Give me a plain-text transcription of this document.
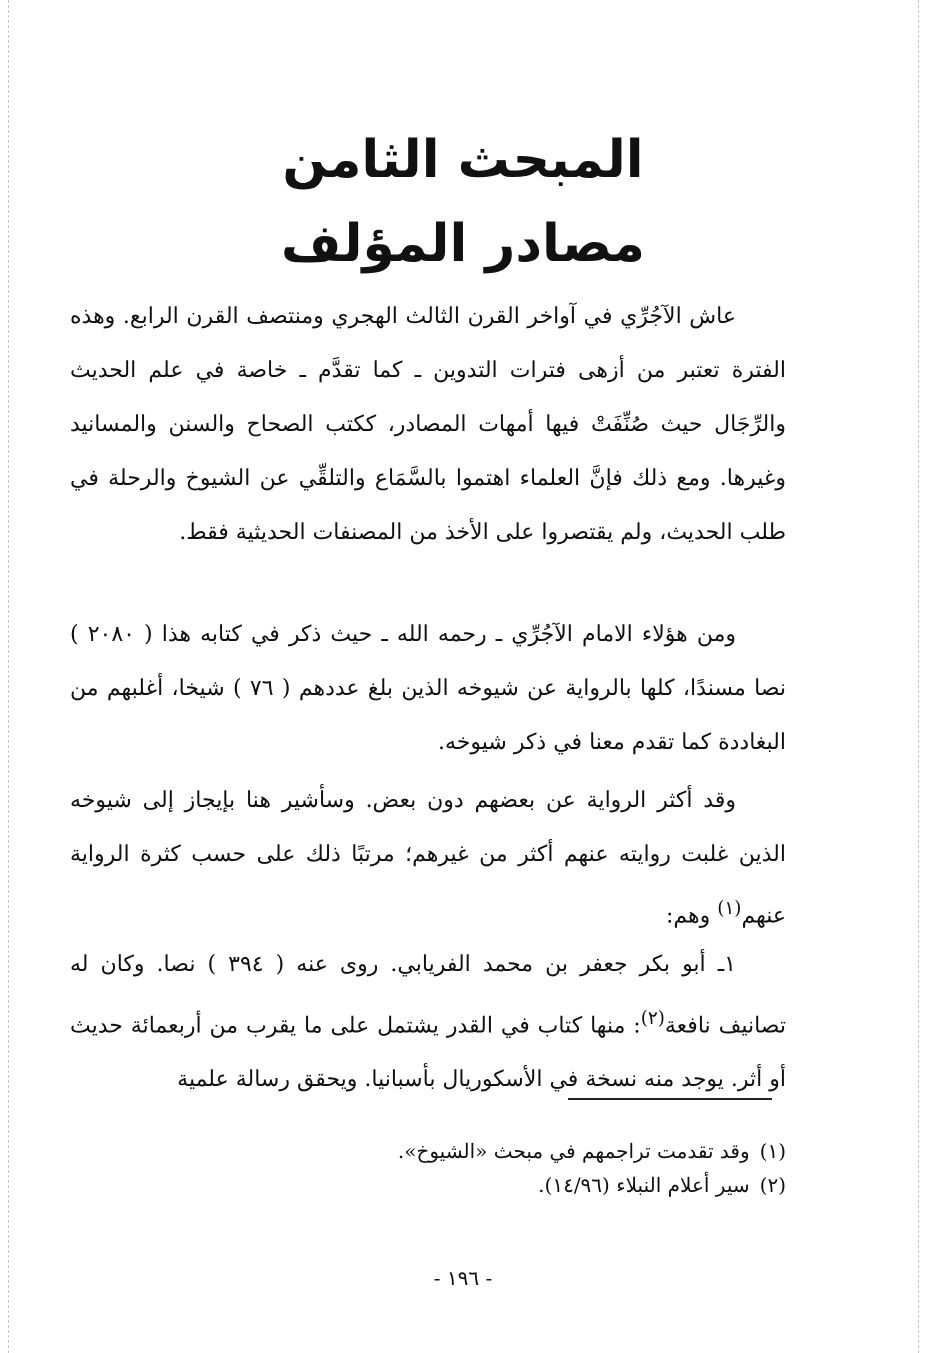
المبحث الثامن
مصادر المؤلف

عاش الآجُرِّي في آواخر القرن الثالث الهجري ومنتصف القرن الرابع. وهذه الفترة تعتبر من أزهى فترات التدوين ـ كما تقدَّم ـ خاصة في علم الحديث والرِّجَال حيث صُنِّفَتْ فيها أمهات المصادر، ككتب الصحاح والسنن والمسانيد وغيرها. ومع ذلك فإنَّ العلماء اهتموا بالسَّمَاع والتلقِّي عن الشيوخ والرحلة في طلب الحديث، ولم يقتصروا على الأخذ من المصنفات الحديثية فقط.

ومن هؤلاء الامام الآجُرِّي ـ رحمه الله ـ حيث ذكر في كتابه هذا ( ٢٠٨٠ ) نصا مسندًا، كلها بالرواية عن شيوخه الذين بلغ عددهم ( ٧٦ ) شيخا، أغلبهم من البغاددة كما تقدم معنا في ذكر شيوخه.

وقد أكثر الرواية عن بعضهم دون بعض. وسأشير هنا بإيجاز إلى شيوخه الذين غلبت روايته عنهم أكثر من غيرهم؛ مرتبًا ذلك على حسب كثرة الرواية عنهم$^{(١)}$ وهم:

١ـ أبو بكر جعفر بن محمد الفريابي. روى عنه ( ٣٩٤ ) نصا. وكان له تصانيف نافعة$^{(٢)}$: منها كتاب في القدر يشتمل على ما يقرب من أربعمائة حديث أو أثر. يوجد منه نسخة في الأسكوريال بأسبانيا. ويحقق رسالة علمية

(١)وقد تقدمت تراجمهم في مبحث «الشيوخ».
(٢)سير أعلام النبلاء (١٤/٩٦).
- ١٩٦ -
